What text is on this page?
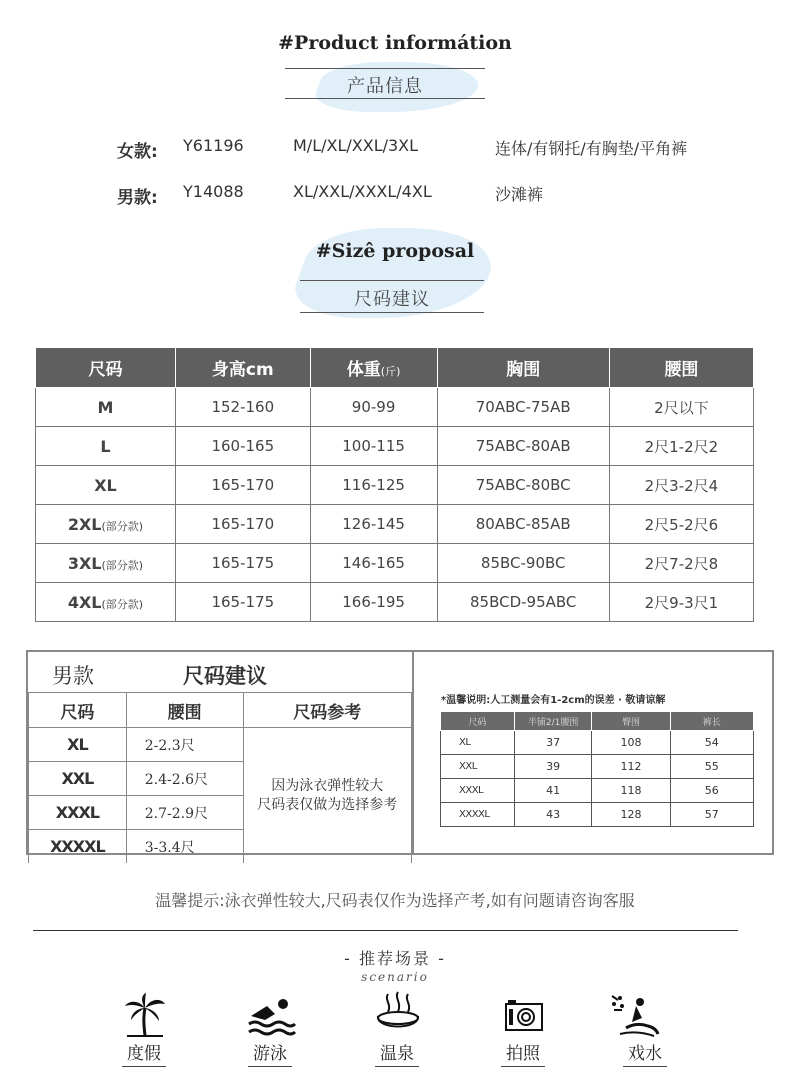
#Product informátion
产品信息
女款: Y61196	M/L/XL/XXL/3XL	连体/有钢托/有胸垫/平角裤
男款: Y14088	XL/XXL/XXXL/4XL	沙滩裤
#Sizê proposal
尺码建议
尺码	身高cm	体重(斤)	胸围	腰围
M	152-160	90-99	70ABC-75AB	2尺以下
L	160-165	100-115	75ABC-80AB	2尺1-2尺2
XL	165-170	116-125	75ABC-80BC	2尺3-2尺4
2XL(部分款)	165-170	126-145	80ABC-85AB	2尺5-2尺6
3XL(部分款)	165-175	146-165	85BC-90BC	2尺7-2尺8
4XL(部分款)	165-175	166-195	85BCD-95ABC	2尺9-3尺1
男款	尺码建议
尺码	腰围	尺码参考
XL	2-2.3尺	因为泳衣弹性较大
尺码表仅做为选择参考

XXL	2.4-2.6尺	
XXXL	2.7-2.9尺	
XXXXL	3-3.4尺	
*温馨说明:人工测量会有1-2cm的误差 · 敬请谅解
尺码	半铺2/1腰围	臀围	裤长
XL	37	108	54
XXL	39	112	55
XXXL	41	118	56
XXXXL	43	128	57
温馨提示:泳衣弹性较大,尺码表仅作为选择产考,如有问题请咨询客服
- 推荐场景 -
scenario
度假	游泳	温泉	拍照	戏水
